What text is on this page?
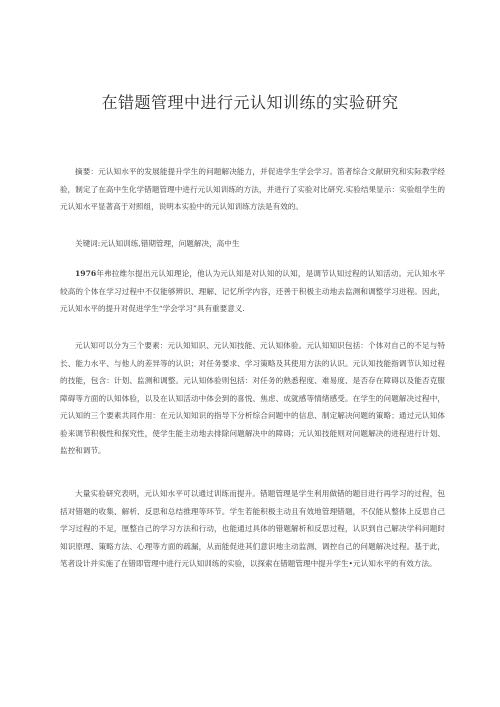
在错题管理中进行元认知训练的实验研究

摘要：元认知水平的发展能提升学生的问题解决能力，并促进学生学会学习。笛者综合文献研究和实际教学经验，制定了在高中生化学错题管理中进行元认知训练的方法，并进行了实验对比研究.实验结果显示：实验组学生的元认知水平显著高于对照组，说明本实验中的元认知训练方法是有效的。

关键词:元认知训练,错期管理，问题解决，高中生

1976年弗拉维尔提出元认知理论，他认为元认知是对认知的认知，是调节认知过程的认知活动。元认知水平较高的个体在学习过程中不仅能够辨识、理解、记忆所学内容，还善于积极主动地去监测和调整学习进程。因此，元认知水平的提升对促进学生“学会学习”具有重要意义.

元认知可以分为三个要素：元认知知识、元认知技能、元认知体验。元认知知识包括：个体对自己的不足与特长、能力水平、与他人的差异等的认识；对任务要求、学习策略及其使用方法的认识。元认知技能指调节认知过程的技能，包含：计划、监测和调整。元认知体验则包括：对任务的熟悉程度、难易度、是否存在障碍以及能否克服障碍等方面的认知体验，以及在认知活动中体会到的喜悦、焦虑、成就感等情绪感受。在学生的问题解决过程中，元认知的三个要素共同作用：在元认知知识的指导下分析综合问题中的信息、制定解决问题的策略；通过元认知体验来调节积极性和探究性，使学生能主动地去排除问题解决中的障碍；元认知技能则对问题解决的进程进行计划、监控和调节。

大量实验研究表明，元认知水平可以通过训练而提升。错题管理是学生利用做错的题目进行再学习的过程，包括对错题的收集、解析、反思和总结推理等环节。学生若能积极主动且有效地管理错题，不仅能从整体上反思自己学习过程的不足，厘整自己的学习方法和行动，也能通过具体的错题解析和反思过程，认识到自己解决学科问题时知识原理、策略方法、心理等方面的疏漏，从而能促进其们意识地主动监测、调控自己的问题解决过程。基于此，笔者设计并实施了在错即管理中进行元认知训练的实验，以探索在错题管理中提升学生•元认知水平的有效方法。
